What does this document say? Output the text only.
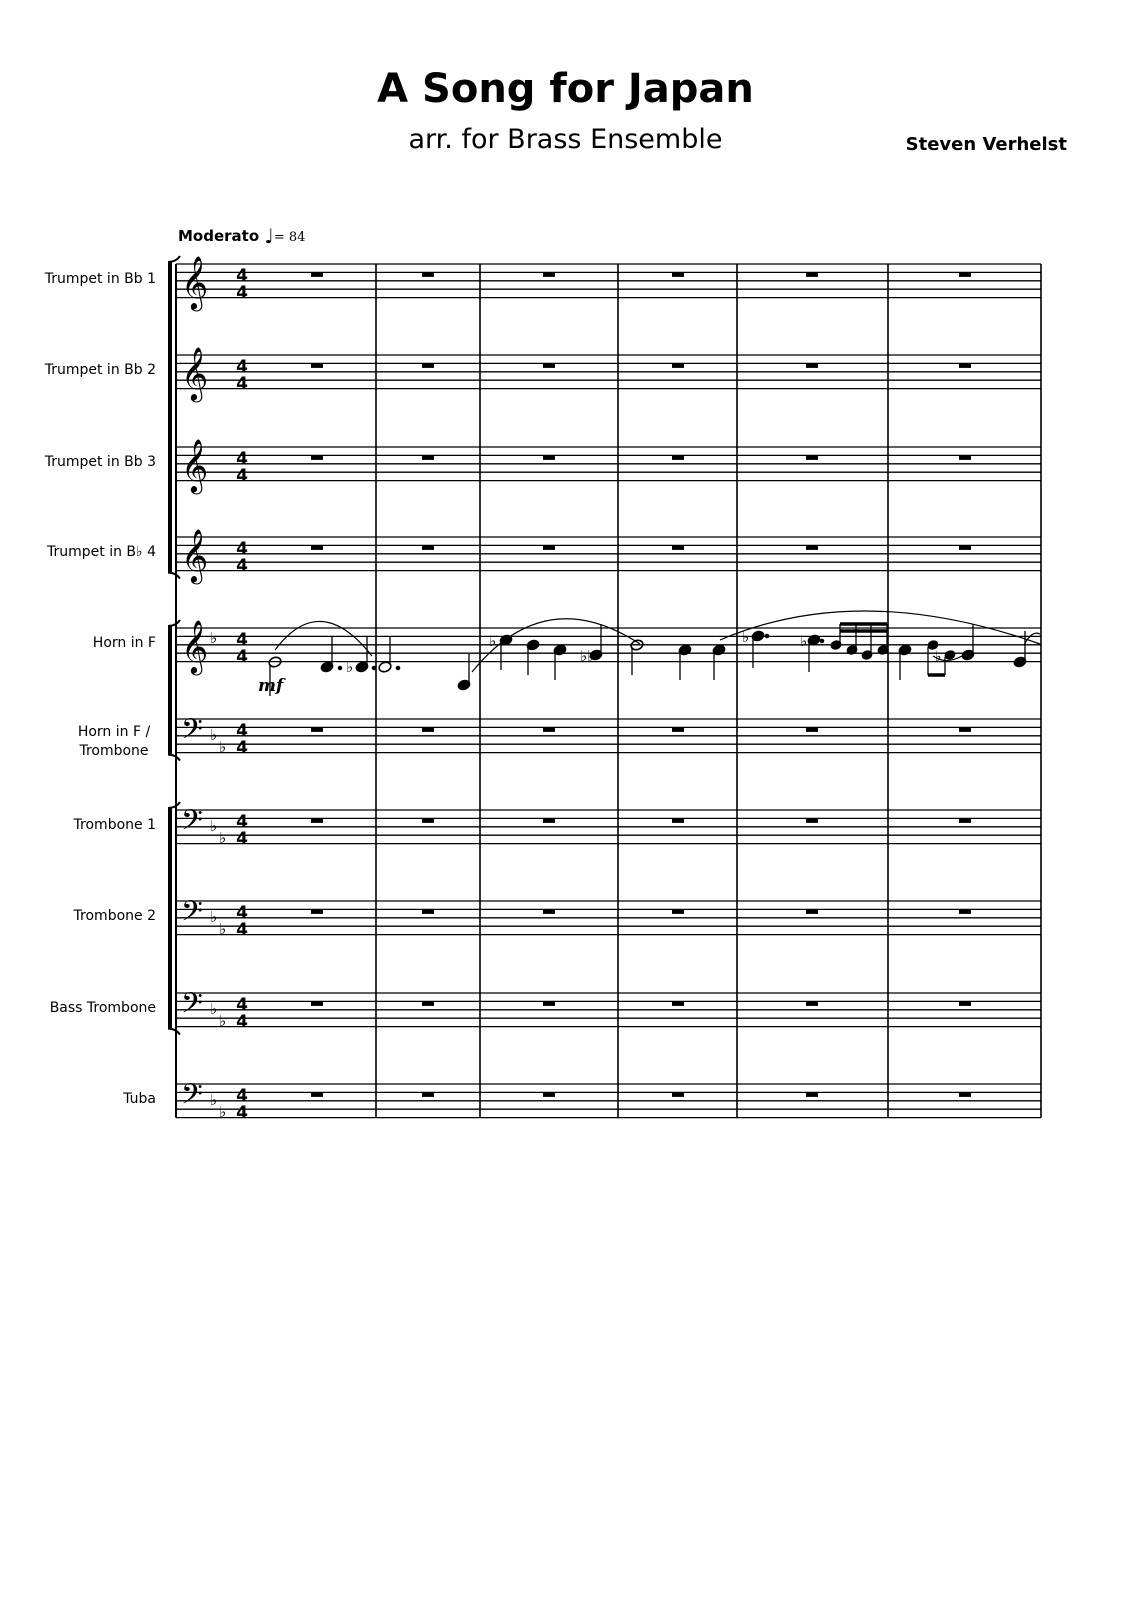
A Song for Japan
arr. for Brass Ensemble	Steven Verhelst
Moderato ♩= 84
Trumpet in Bb 1
Trumpet in Bb 2
Trumpet in Bb 3
Trumpet in B♭ 4
Horn in F
Horn in F /
Trombone
Trombone 1
Trombone 2
Bass Trombone
Tuba
𝄞 4
4
𝄞 4
4
𝄞 4
4
𝄞 4
4
𝄞 ♭ 4
4
𝄢 ♭
♭
4
4
𝄢 ♭
♭
4
4
𝄢 ♭
♭
4
4
𝄢 ♭
♭
4
4
𝄢 ♭
♭
4
4
♭
♭
♭♭
♭	♭
♭
mf
